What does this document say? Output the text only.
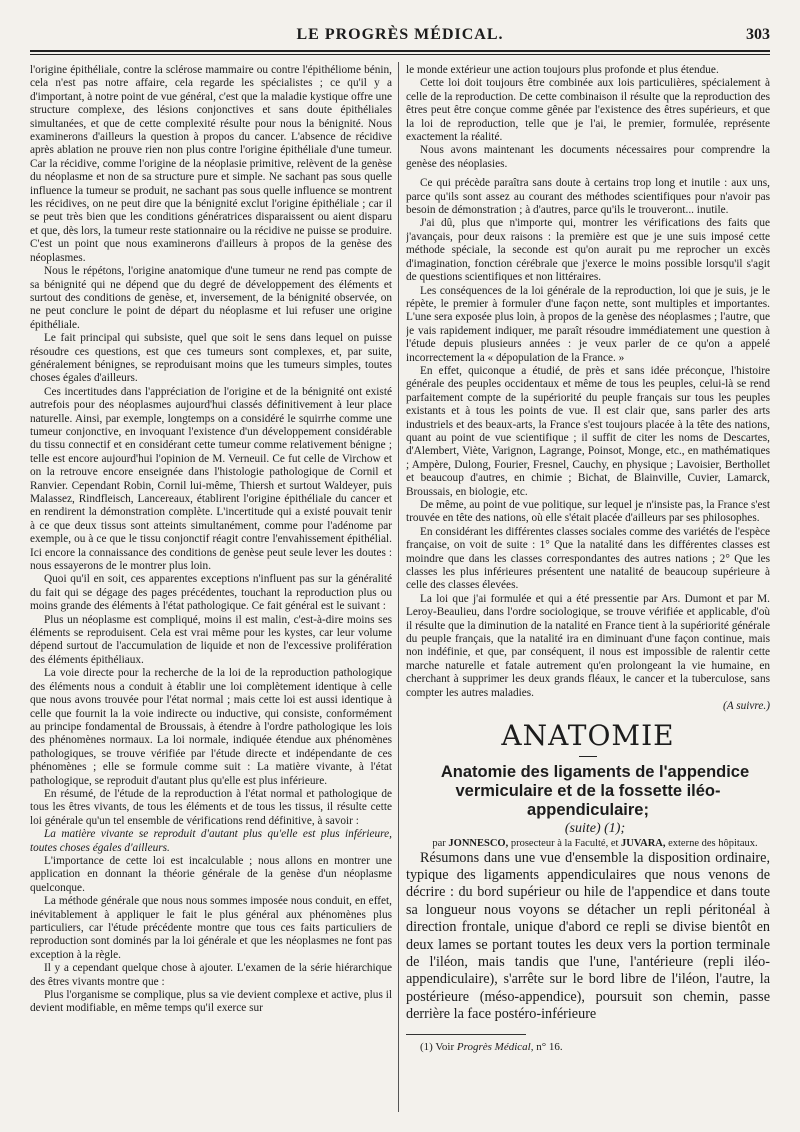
LE PROGRÈS MÉDICAL.	303

l'origine épithéliale, contre la sclérose mammaire ou contre l'épithéliome bénin, cela n'est pas notre affaire, cela regarde les spécialistes ; ce qu'il y a d'important, à notre point de vue général, c'est que la maladie kystique offre une structure complexe, des lésions conjonctives et sans doute épithéliales simultanées, et que de cette complexité résulte pour nous la bénignité. Nous examinerons d'ailleurs la question à propos du cancer. L'absence de récidive après ablation ne prouve rien non plus contre l'origine épithéliale d'une tumeur. Car la récidive, comme l'origine de la néoplasie primitive, relèvent de la genèse du néoplasme et non de sa structure pure et simple. Ne sachant pas sous quelle influence la tumeur se produit, ne sachant pas sous quelle influence se montrent les récidives, on ne peut dire que la bénignité exclut l'origine épithéliale ; car il se peut très bien que les conditions génératrices disparaissent ou aient disparu et que, dès lors, la tumeur reste stationnaire ou la récidive ne puisse se produire. C'est un point que nous examinerons d'ailleurs à propos de la genèse des néoplasmes.

Nous le répétons, l'origine anatomique d'une tumeur ne rend pas compte de sa bénignité qui ne dépend que du degré de développement des éléments et surtout des conditions de genèse, et, inversement, de la bénignité observée, on ne peut conclure le point de départ du néoplasme et lui refuser une origine épithéliale.

Le fait principal qui subsiste, quel que soit le sens dans lequel on puisse résoudre ces questions, est que ces tumeurs sont complexes, et, par suite, généralement bénignes, se reproduisant moins que les tumeurs simples, toutes choses égales d'ailleurs.

Ces incertitudes dans l'appréciation de l'origine et de la bénignité ont existé autrefois pour des néoplasmes aujourd'hui classés définitivement à leur place naturelle. Ainsi, par exemple, longtemps on a considéré le squirrhe comme une tumeur conjonctive, en invoquant l'existence d'un développement considérable du tissu connectif et en considérant cette tumeur comme relativement bénigne ; telle est encore aujourd'hui l'opinion de M. Verneuil. Ce fut celle de Virchow et on la retrouve encore enseignée dans l'histologie pathologique de Cornil et Ranvier. Cependant Robin, Cornil lui-même, Thiersh et surtout Waldeyer, puis Malassez, Rindfleisch, Lancereaux, établirent l'origine épithéliale du cancer et en rendirent la démonstration complète. L'incertitude qui a existé pouvait tenir à ce que deux tissus sont atteints simultanément, comme pour l'adénome par exemple, ou à ce que le tissu conjonctif réagit contre l'envahissement épithélial. Ici encore la connaissance des conditions de genèse peut seule lever les doutes : nous essayerons de le montrer plus loin.

Quoi qu'il en soit, ces apparentes exceptions n'influent pas sur la généralité du fait qui se dégage des pages précédentes, touchant la reproduction plus ou moins grande des éléments à l'état pathologique. Ce fait général est le suivant :

Plus un néoplasme est compliqué, moins il est malin, c'est-à-dire moins ses éléments se reproduisent. Cela est vrai même pour les kystes, car leur volume dépend surtout de l'accumulation de liquide et non de l'excessive prolifération des éléments épithéliaux.

La voie directe pour la recherche de la loi de la reproduction pathologique des éléments nous a conduit à établir une loi complètement identique à celle que nous avons trouvée pour l'état normal ; mais cette loi est aussi identique à celle que fournit la la voie indirecte ou inductive, qui consiste, conformément au principe fondamental de Broussais, à étendre à l'ordre pathologique les lois des phénomènes normaux. La loi normale, indiquée étendue aux phénomènes pathologiques, se trouve vérifiée par l'étude directe et indépendante de ces phénomènes ; elle se formule comme suit : La matière vivante, à l'état pathologique, se reproduit d'autant plus qu'elle est plus inférieure.

En résumé, de l'étude de la reproduction à l'état normal et pathologique de tous les êtres vivants, de tous les éléments et de tous les tissus, il résulte cette loi générale qu'un tel ensemble de vérifications rend définitive, à savoir :

La matière vivante se reproduit d'autant plus qu'elle est plus inférieure, toutes choses égales d'ailleurs.

L'importance de cette loi est incalculable ; nous allons en montrer une application en donnant la théorie générale de la genèse d'un néoplasme quelconque.

La méthode générale que nous nous sommes imposée nous conduit, en effet, inévitablement à appliquer le fait le plus général aux phénomènes plus particuliers, car l'étude précédente montre que tous ces faits particuliers de reproduction sont dominés par la loi générale et que les néoplasmes ne font pas exception à la règle.

Il y a cependant quelque chose à ajouter. L'examen de la série hiérarchique des êtres vivants montre que :

Plus l'organisme se complique, plus sa vie devient complexe et active, plus il devient modifiable, en même temps qu'il exerce sur

le monde extérieur une action toujours plus profonde et plus étendue.

Cette loi doit toujours être combinée aux lois particulières, spécialement à celle de la reproduction. De cette combinaison il résulte que la reproduction des êtres peut être conçue comme gênée par l'existence des êtres supérieurs, et que la loi de reproduction, telle que je l'ai, le premier, formulée, représente exactement la réalité.

Nous avons maintenant les documents nécessaires pour comprendre la genèse des néoplasies.

Ce qui précède paraîtra sans doute à certains trop long et inutile : aux uns, parce qu'ils sont assez au courant des méthodes scientifiques pour n'avoir pas besoin de démonstration ; à d'autres, parce qu'ils le trouveront... inutile.

J'ai dû, plus que n'importe qui, montrer les vérifications des faits que j'avançais, pour deux raisons : la première est que je une suis imposé cette méthode spéciale, la seconde est qu'on aurait pu me reprocher un excès d'imagination, fonction cérébrale que j'exerce le moins possible lorsqu'il s'agit de questions scientifiques et non littéraires.

Les conséquences de la loi générale de la reproduction, loi que je suis, je le répète, le premier à formuler d'une façon nette, sont multiples et importantes. L'une sera exposée plus loin, à propos de la genèse des néoplasmes ; l'autre, que je vais rapidement indiquer, me paraît résoudre immédiatement une question à l'étude depuis plusieurs années : je veux parler de ce qu'on a appelé incorrectement la « dépopulation de la France. »

En effet, quiconque a étudié, de près et sans idée préconçue, l'histoire générale des peuples occidentaux et même de tous les peuples, celui-là se rend parfaitement compte de la supériorité du peuple français sur tous les peuples existants et à tous les points de vue. Il est clair que, sans parler des arts industriels et des beaux-arts, la France s'est toujours placée à la tête des nations, quant au point de vue scientifique ; il suffit de citer les noms de Descartes, d'Alembert, Viète, Varignon, Lagrange, Poinsot, Monge, etc., en mathématiques ; Ampère, Dulong, Fourier, Fresnel, Cauchy, en physique ; Lavoisier, Berthollet et beaucoup d'autres, en chimie ; Bichat, de Blainville, Cuvier, Lamarck, Broussais, en biologie, etc.

De même, au point de vue politique, sur lequel je n'insiste pas, la France s'est trouvée en tête des nations, où elle s'était placée d'ailleurs par ses philosophes.

En considérant les différentes classes sociales comme des variétés de l'espèce française, on voit de suite : 1° Que la natalité dans les différentes classes est moindre que dans les classes correspondantes des autres nations ; 2° Que les classes les plus inférieures présentent une natalité de beaucoup supérieure à celle des classes élevées.

La loi que j'ai formulée et qui a été pressentie par Ars. Dumont et par M. Leroy-Beaulieu, dans l'ordre sociologique, se trouve vérifiée et applicable, d'où il résulte que la diminution de la natalité en France tient à la supériorité générale du peuple français, que la natalité ira en diminuant d'une façon continue, mais non indéfinie, et que, par conséquent, il nous est impossible de ralentir cette marche naturelle et fatale autrement qu'en prolongeant la vie humaine, en cherchant à supprimer les deux grands fléaux, le cancer et la tuberculose, sans compter les autres maladies.

(A suivre.)

ANATOMIE

Anatomie des ligaments de l'appendice vermiculaire et de la fossette iléo-appendiculaire;

(suite) (1);

par JONNESCO, prosecteur à la Faculté, et JUVARA, externe des hôpitaux.

Résumons dans une vue d'ensemble la disposition ordinaire, typique des ligaments appendiculaires que nous venons de décrire : du bord supérieur ou hile de l'appendice et dans toute sa longueur nous voyons se détacher un repli péritonéal à direction frontale, unique d'abord ce repli se divise bientôt en deux lames se portant toutes les deux vers la portion terminale de l'iléon, mais tandis que l'une, l'antérieure (repli iléo-appendiculaire), s'arrête sur le bord libre de l'iléon, l'autre, la postérieure (méso-appendice), poursuit son chemin, passe derrière la face postéro-inférieure

(1) Voir Progrès Médical, n° 16.
